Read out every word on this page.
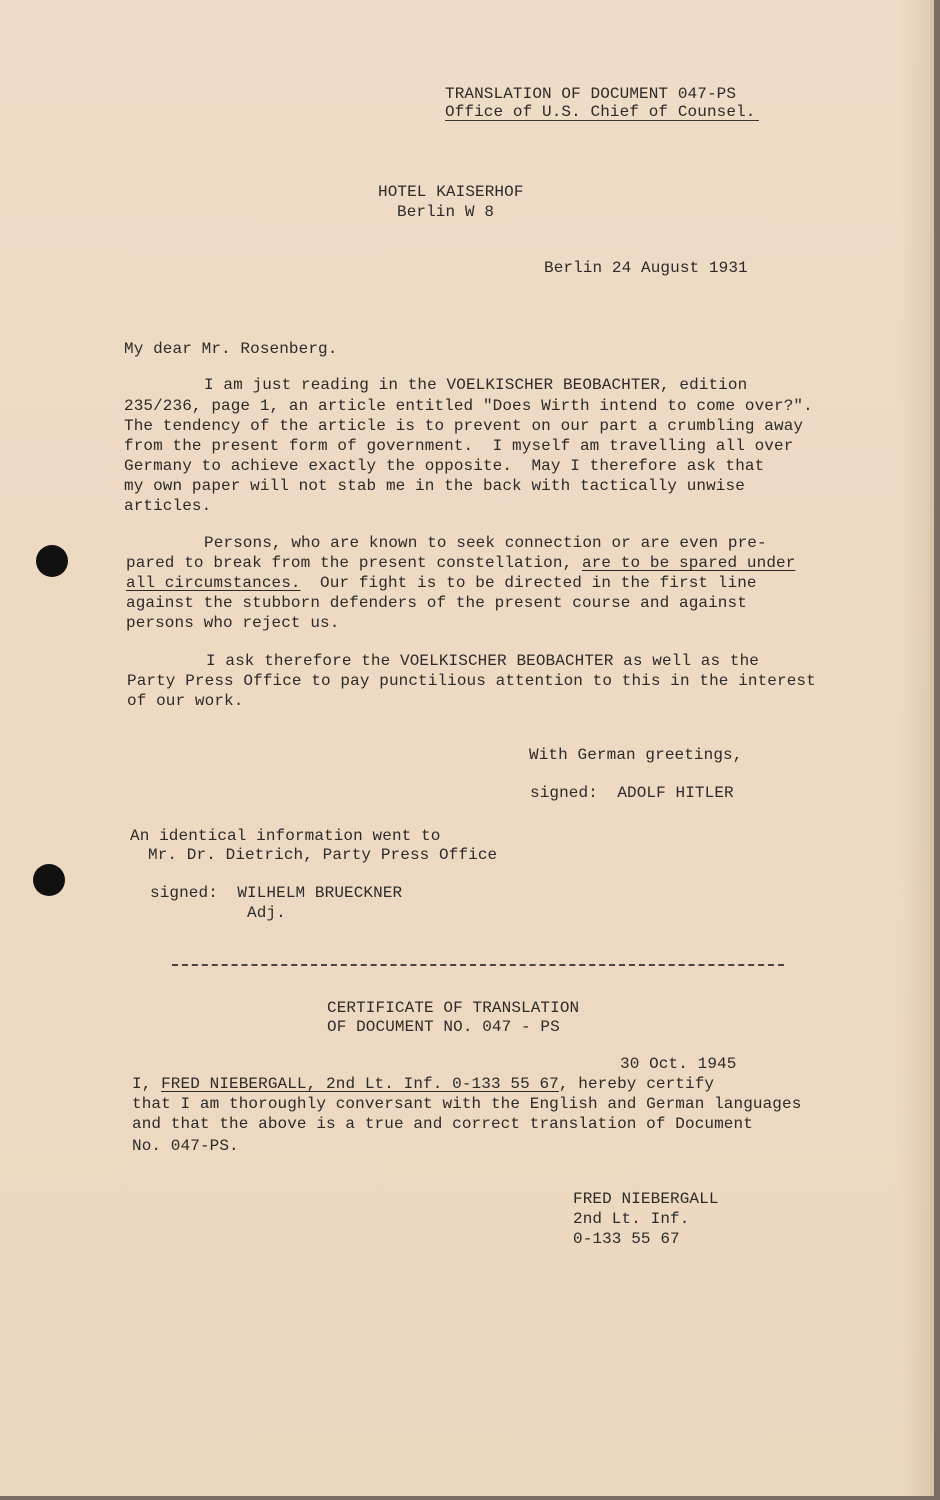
TRANSLATION OF DOCUMENT 047-PS
Office of U.S. Chief of Counsel.
HOTEL KAISERHOF
Berlin W 8
Berlin 24 August 1931
My dear Mr. Rosenberg.
I am just reading in the VOELKISCHER BEOBACHTER, edition
235/236, page 1, an article entitled "Does Wirth intend to come over?".
The tendency of the article is to prevent on our part a crumbling away
from the present form of government.  I myself am travelling all over
Germany to achieve exactly the opposite.  May I therefore ask that
my own paper will not stab me in the back with tactically unwise
articles.
Persons, who are known to seek connection or are even pre-
pared to break from the present constellation, are to be spared under
all circumstances.  Our fight is to be directed in the first line
against the stubborn defenders of the present course and against
persons who reject us.
I ask therefore the VOELKISCHER BEOBACHTER as well as the
Party Press Office to pay punctilious attention to this in the interest
of our work.
With German greetings,
signed:  ADOLF HITLER
An identical information went to
Mr. Dr. Dietrich, Party Press Office
signed:  WILHELM BRUECKNER
Adj.
CERTIFICATE OF TRANSLATION
OF DOCUMENT NO. 047 - PS
30 Oct. 1945
I, FRED NIEBERGALL, 2nd Lt. Inf. 0-133 55 67, hereby certify
that I am thoroughly conversant with the English and German languages
and that the above is a true and correct translation of Document
No. 047-PS.
FRED NIEBERGALL
2nd Lt. Inf.
0-133 55 67
